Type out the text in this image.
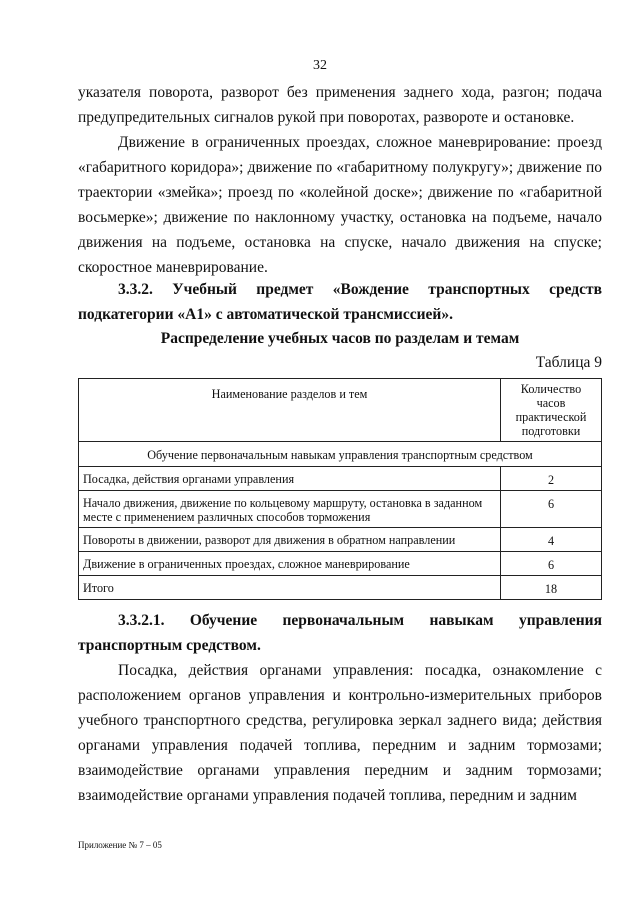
32
указателя поворота, разворот без применения заднего хода, разгон; подача предупредительных сигналов рукой при поворотах, развороте и остановке.
Движение в ограниченных проездах, сложное маневрирование: проезд «габаритного коридора»; движение по «габаритному полукругу»; движение по траектории «змейка»; проезд по «колейной доске»; движение по «габаритной восьмерке»; движение по наклонному участку, остановка на подъеме, начало движения на подъеме, остановка на спуске, начало движения на спуске; скоростное маневрирование.
3.3.2. Учебный предмет «Вождение транспортных средств подкатегории «А1» с автоматической трансмиссией».
Распределение учебных часов по разделам и темам
Таблица 9
Наименование разделов и тем	Количество часов практической подготовки
Обучение первоначальным навыкам управления транспортным средством	
Посадка, действия органами управления	2
Начало движения, движение по кольцевому маршруту, остановка в заданном месте с применением различных способов торможения	6
Повороты в движении, разворот для движения в обратном направлении	4
Движение в ограниченных проездах, сложное маневрирование	6
Итого	18
3.3.2.1. Обучение первоначальным навыкам управления транспортным средством.
Посадка, действия органами управления: посадка, ознакомление с расположением органов управления и контрольно-измерительных приборов учебного транспортного средства, регулировка зеркал заднего вида; действия органами управления подачей топлива, передним и задним тормозами; взаимодействие органами управления передним и задним тормозами; взаимодействие органами управления подачей топлива, передним и задним
Приложение № 7 – 05
